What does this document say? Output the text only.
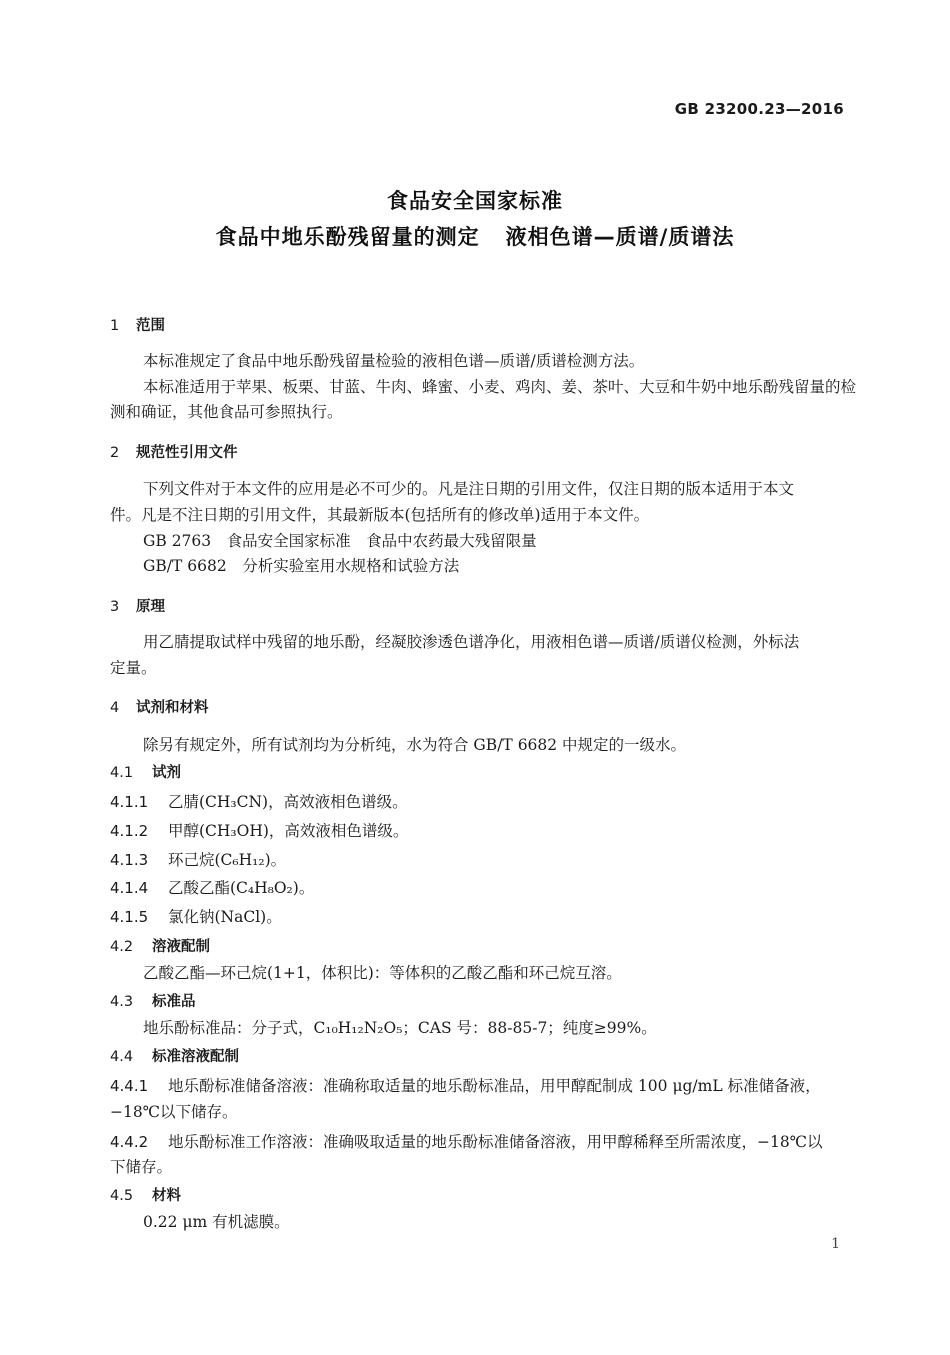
GB 23200.23—2016
食品安全国家标准
食品中地乐酚残留量的测定 液相色谱—质谱/质谱法
1 范围
本标准规定了食品中地乐酚残留量检验的液相色谱—质谱/质谱检测方法。
本标准适用于苹果、板栗、甘蓝、牛肉、蜂蜜、小麦、鸡肉、姜、茶叶、大豆和牛奶中地乐酚残留量的检
测和确证，其他食品可参照执行。
2 规范性引用文件
下列文件对于本文件的应用是必不可少的。凡是注日期的引用文件，仅注日期的版本适用于本文
件。凡是不注日期的引用文件，其最新版本(包括所有的修改单)适用于本文件。
GB 2763　食品安全国家标准　食品中农药最大残留限量
GB/T 6682　分析实验室用水规格和试验方法
3 原理
用乙腈提取试样中残留的地乐酚，经凝胶渗透色谱净化，用液相色谱—质谱/质谱仪检测，外标法
定量。
4 试剂和材料
除另有规定外，所有试剂均为分析纯，水为符合 GB/T 6682 中规定的一级水。
4.1 试剂
4.1.1 乙腈(CH₃CN)，高效液相色谱级。
4.1.2 甲醇(CH₃OH)，高效液相色谱级。
4.1.3 环己烷(C₆H₁₂)。
4.1.4 乙酸乙酯(C₄H₈O₂)。
4.1.5 氯化钠(NaCl)。
4.2 溶液配制
乙酸乙酯—环己烷(1+1，体积比)：等体积的乙酸乙酯和环己烷互溶。
4.3 标准品
地乐酚标准品：分子式，C₁₀H₁₂N₂O₅；CAS 号：88-85-7；纯度≥99%。
4.4 标准溶液配制
4.4.1 地乐酚标准储备溶液：准确称取适量的地乐酚标准品，用甲醇配制成 100 μg/mL 标准储备液，
−18℃以下储存。
4.4.2 地乐酚标准工作溶液：准确吸取适量的地乐酚标准储备溶液，用甲醇稀释至所需浓度，−18℃以
下储存。
4.5 材料
0.22 μm 有机滤膜。
1
